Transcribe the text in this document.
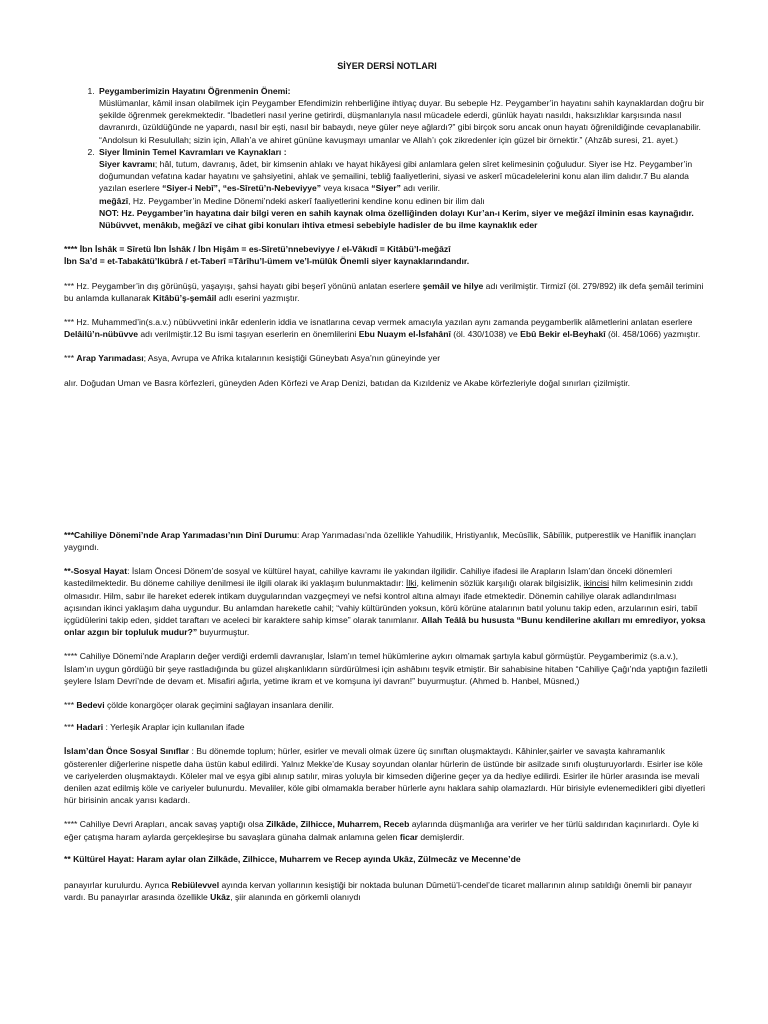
SİYER DERSİ NOTLARI

1. Peygamberimizin Hayatını Öğrenmenin Önemi:
Müslümanlar, kâmil insan olabilmek için Peygamber Efendimizin rehberliğine ihtiyaç duyar. Bu sebeple Hz. Peygamber’in hayatını sahih kaynaklardan doğru bir şekilde öğrenmek gerekmektedir. “İbadetleri nasıl yerine getirirdi, düşmanlarıyla nasıl mücadele ederdi, günlük hayatı nasıldı, haksızlıklar karşısında nasıl davranırdı, üzüldüğünde ne yapardı, nasıl bir eşti, nasıl bir babaydı, neye güler neye ağlardı?” gibi birçok soru ancak onun hayatı öğrenildiğinde cevaplanabilir. “Andolsun ki Resulullah; sizin için, Allah’a ve ahiret gününe kavuşmayı umanlar ve Allah’ı çok zikredenler için güzel bir örnektir.” (Ahzâb suresi, 21. ayet.)
2. Siyer İlminin Temel Kavramları ve Kaynakları :
Siyer kavramı; hâl, tutum, davranış, âdet, bir kimsenin ahlakı ve hayat hikâyesi gibi anlamlara gelen sîret kelimesinin çoğuludur. Siyer ise Hz. Peygamber’in doğumundan vefatına kadar hayatını ve şahsiyetini, ahlak ve şemailini, tebliğ faaliyetlerini, siyasi ve askerî mücadelelerini konu alan ilim dalıdır.7 Bu alanda yazılan eserlere “Siyer-i Nebî”, “es-Sîretü’n-Nebeviyye” veya kısaca “Siyer” adı verilir.
meğâzî, Hz. Peygamber’in Medine Dönemi’ndeki askerî faaliyetlerini kendine konu edinen bir ilim dalı
NOT: Hz. Peygamber’in hayatına dair bilgi veren en sahih kaynak olma özelliğinden dolayı Kur’an-ı Kerim, siyer ve meğâzî ilminin esas kaynağıdır. Nübüvvet, menâkıb, meğâzî ve cihat gibi konuları ihtiva etmesi sebebiyle hadisler de bu ilme kaynaklık eder
**** İbn İshâk = Sîretü İbn İshâk / İbn Hişâm = es-Sîretü’nnebeviyye / el-Vâkıdî = Kitâbü’l-meğâzî
İbn Sa’d = et-Tabakâtü’lkübrâ / et-Taberî =Târîhu’l-ümem ve’l-mülûk Önemli siyer kaynaklarındandır.

*** Hz. Peygamber’in dış görünüşü, yaşayışı, şahsi hayatı gibi beşerî yönünü anlatan eserlere şemâil ve hilye adı verilmiştir. Tirmizî (öl. 279/892) ilk defa şemâil terimini bu anlamda kullanarak Kitâbü’ş-şemâil adlı eserini yazmıştır.

*** Hz. Muhammed’in(s.a.v.) nübüvvetini inkâr edenlerin iddia ve isnatlarına cevap vermek amacıyla yazılan aynı zamanda peygamberlik alâmetlerini anlatan eserlere Delâilü’n-nübüvve adı verilmiştir.12 Bu ismi taşıyan eserlerin en önemlilerini Ebu Nuaym el-İsfahânî (öl. 430/1038) ve Ebû Bekir el-Beyhakî (öl. 458/1066) yazmıştır.

*** Arap Yarımadası; Asya, Avrupa ve Afrika kıtalarının kesiştiği Güneybatı Asya’nın güneyinde yer

alır. Doğudan Uman ve Basra körfezleri, güneyden Aden Körfezi ve Arap Denizi, batıdan da Kızıldeniz ve Akabe körfezleriyle doğal sınırları çizilmiştir.

***Cahiliye Dönemi’nde Arap Yarımadası’nın Dinî Durumu: Arap Yarımadası’nda özellikle Yahudilik, Hristiyanlık, Mecûsîlik, Sâbiîlik, putperestlik ve Haniflik inançları yaygındı.

**-Sosyal Hayat: İslam Öncesi Dönem’de sosyal ve kültürel hayat, cahiliye kavramı ile yakından ilgilidir. Cahiliye ifadesi ile Arapların İslam’dan önceki dönemleri kastedilmektedir. Bu döneme cahiliye denilmesi ile ilgili olarak iki yaklaşım bulunmaktadır: İlki, kelimenin sözlük karşılığı olarak bilgisizlik, ikincisi hilm kelimesinin zıddı olmasıdır. Hilm, sabır ile hareket ederek intikam duygularından vazgeçmeyi ve nefsi kontrol altına almayı ifade etmektedir. Dönemin cahiliye olarak adlandırılması açısından ikinci yaklaşım daha uygundur. Bu anlamdan hareketle cahil; “vahiy kültüründen yoksun, körü körüne atalarının batıl yolunu takip eden, arzularının esiri, tabiî içgüdülerini takip eden, şiddet taraftarı ve aceleci bir karaktere sahip kimse” olarak tanımlanır. Allah Teâlâ bu hususta “Bunu kendilerine akılları mı emrediyor, yoksa onlar azgın bir topluluk mudur?” buyurmuştur.

**** Cahiliye Dönemi’nde Arapların değer verdiği erdemli davranışlar, İslam’ın temel hükümlerine aykırı olmamak şartıyla kabul görmüştür. Peygamberimiz (s.a.v.), İslam’ın uygun gördüğü bir şeye rastladığında bu güzel alışkanlıkların sürdürülmesi için ashâbını teşvik etmiştir. Bir sahabisine hitaben “Cahiliye Çağı’nda yaptığın faziletli şeylere İslam Devri’nde de devam et. Misafiri ağırla, yetime ikram et ve komşuna iyi davran!” buyurmuştur. (Ahmed b. Hanbel, Müsned,)

*** Bedevi çölde konargöçer olarak geçimini sağlayan insanlara denilir.

*** Hadari : Yerleşik Araplar için kullanılan ifade

İslam’dan Önce Sosyal Sınıflar : Bu dönemde toplum; hürler, esirler ve mevali olmak üzere üç sınıftan oluşmaktaydı. Kâhinler,şairler ve savaşta kahramanlık gösterenler diğerlerine nispetle daha üstün kabul edilirdi. Yalnız Mekke’de Kusay soyundan olanlar hürlerin de üstünde bir asilzade sınıfı oluşturuyorlardı. Esirler ise köle ve cariyelerden oluşmaktaydı. Köleler mal ve eşya gibi alınıp satılır, miras yoluyla bir kimseden diğerine geçer ya da hediye edilirdi. Esirler ile hürler arasında ise mevali denilen azat edilmiş köle ve cariyeler bulunurdu. Mevaliler, köle gibi olmamakla beraber hürlerle aynı haklara sahip olamazlardı. Hür birisiyle evlenemedikleri gibi diyetleri hür birisinin ancak yarısı kadardı.

**** Cahiliye Devri Arapları, ancak savaş yaptığı olsa Zilkâde, Zilhicce, Muharrem, Receb aylarında düşmanlığa ara verirler ve her türlü saldırıdan kaçınırlardı. Öyle ki eğer çatışma haram aylarda gerçekleşirse bu savaşlara günaha dalmak anlamına gelen ficar demişlerdir.

** Kültürel Hayat: Haram aylar olan Zilkâde, Zilhicce, Muharrem ve Recep ayında Ukâz, Zülmecâz ve Mecenne’de

panayırlar kurulurdu. Ayrıca Rebiülevvel ayında kervan yollarının kesiştiği bir noktada bulunan Dûmetü’l-cendel’de ticaret mallarının alınıp satıldığı önemli bir panayır vardı. Bu panayırlar arasında özellikle Ukâz, şiir alanında en görkemli olanıydı
